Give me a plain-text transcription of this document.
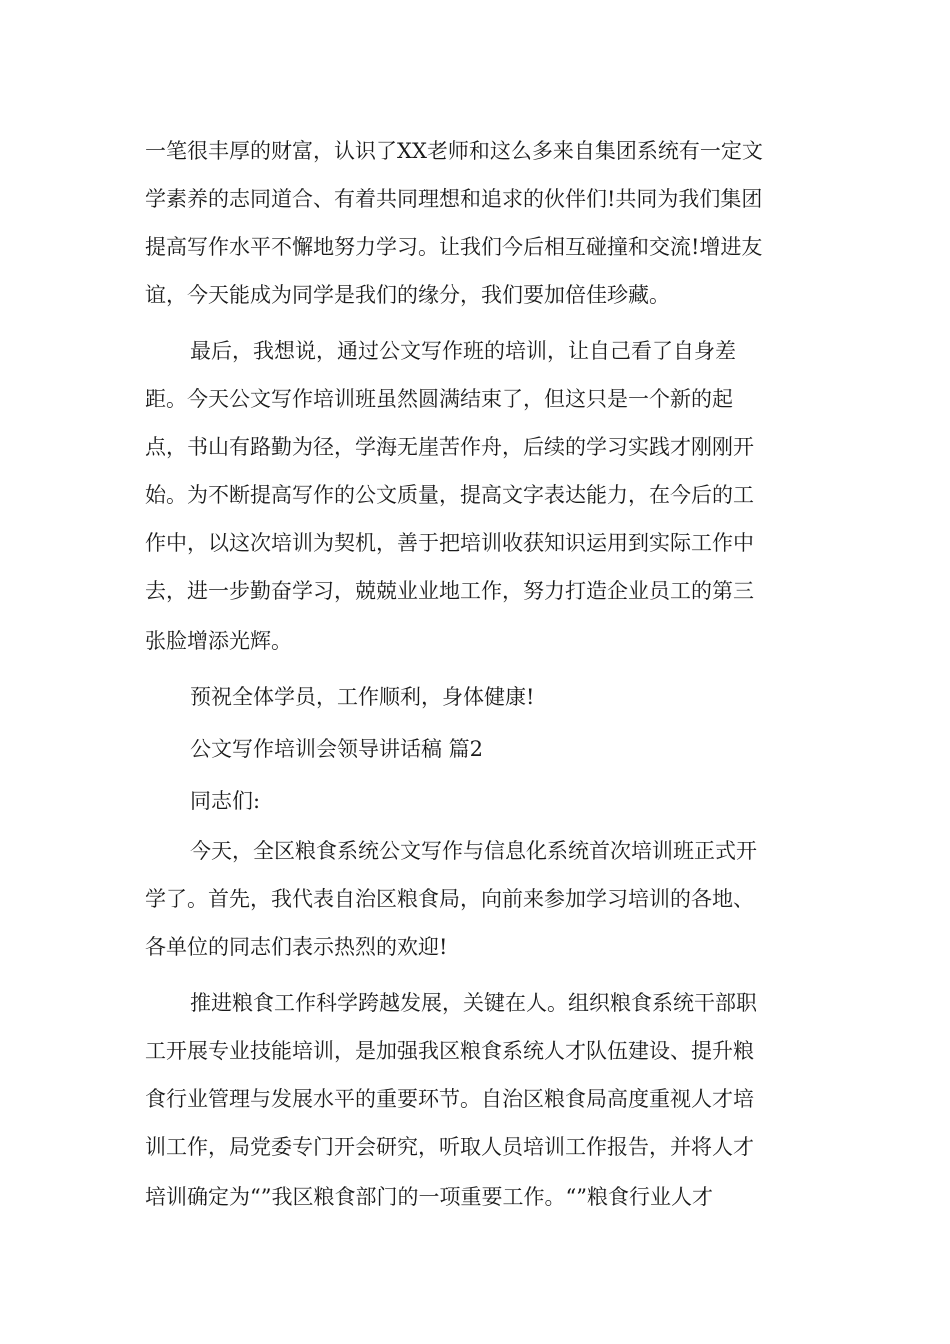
一笔很丰厚的财富，认识了XX老师和这么多来自集团系统有一定文
学素养的志同道合、有着共同理想和追求的伙伴们!共同为我们集团
提高写作水平不懈地努力学习。让我们今后相互碰撞和交流!增进友
谊，今天能成为同学是我们的缘分，我们要加倍佳珍藏。
最后，我想说，通过公文写作班的培训，让自己看了自身差
距。今天公文写作培训班虽然圆满结束了，但这只是一个新的起
点，书山有路勤为径，学海无崖苦作舟，后续的学习实践才刚刚开
始。为不断提高写作的公文质量，提高文字表达能力，在今后的工
作中，以这次培训为契机，善于把培训收获知识运用到实际工作中
去，进一步勤奋学习，兢兢业业地工作，努力打造企业员工的第三
张脸增添光辉。
预祝全体学员，工作顺利，身体健康!
公文写作培训会领导讲话稿 篇2
同志们:
今天，全区粮食系统公文写作与信息化系统首次培训班正式开
学了。首先，我代表自治区粮食局，向前来参加学习培训的各地、
各单位的同志们表示热烈的欢迎!
推进粮食工作科学跨越发展，关键在人。组织粮食系统干部职
工开展专业技能培训，是加强我区粮食系统人才队伍建设、提升粮
食行业管理与发展水平的重要环节。自治区粮食局高度重视人才培
训工作，局党委专门开会研究，听取人员培训工作报告，并将人才
培训确定为“”我区粮食部门的一项重要工作。“”粮食行业人才
